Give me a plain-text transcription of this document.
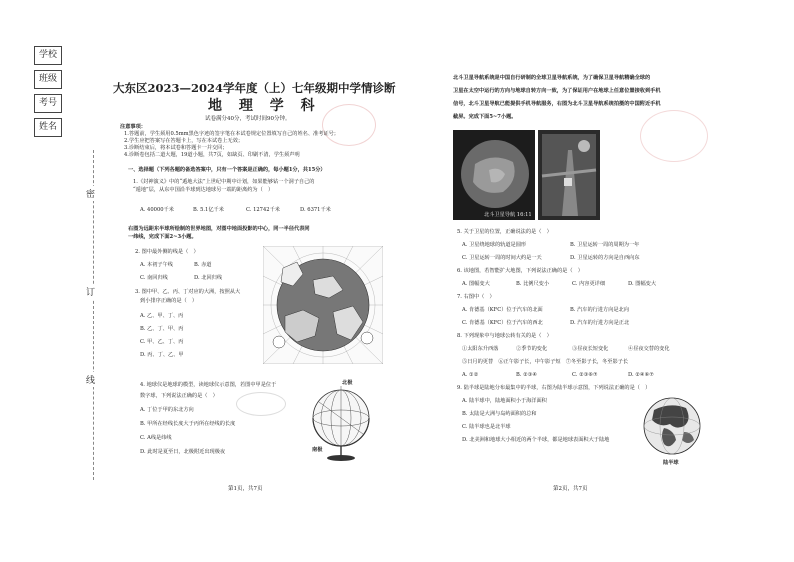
学校
班级
考号
姓名
密
订
线
大东区2023—2024学年度（上）七年级期中学情诊断
地 理 学 科
试卷满分40分，考试时间90分钟。
注意事项：
1.答题前，学生须用0.5mm黑色字迹的签字笔在本试卷规定位置填写自己的姓名、准考证号；
2.学生应把答案写在答题卡上，写在本试卷上无效；
3.诊断结束后，将本试卷和答题卡一并交回；
4.诊断卷包括二道大题，19道小题，共7页，如缺页、印刷不清，学生须声明
一、选择题（下列各题的备选答案中，只有一个答案是正确的，每小题1分，共15分）
1.《封神演义》中的“遁地大法”上世纪中期中计划，如果能够钻一个洞子自己的
“遁地”层，从东中国沿半球到达地球另一端的距离约为（　）
A. 40000千米	B. 5.1亿千米	C. 12742千米	D. 6371千米
右图为远距东半球所绘制的世界地图，对图中地面投影的中心，同一半径代表同
一纬线，完成下面2~3小题。
2. 图中最外侧的线是（　）
A. 本初子午线	B. 赤道
C. 南回归线	D. 北回归线
3. 图中甲、乙、丙、丁对应的大洲，按照从大
到小排序正确的是（　）
A. 乙、甲、丁、丙
B. 乙、丁、甲、丙
C. 甲、乙、丁、丙
D. 丙、丁、乙、甲
4. 地球仪是地球的模型，读地球仪示意图，若图中甲是位于
数字球，下列说法正确的是（　）
A. 丁位于甲的东北方向
B. 甲所在经线长度大于丙所在经线的长度
C. A线是纬线
D. 此时是夏至日，北极附近出现极夜
北极
南极
第1页，共7页
北斗卫星导航系统是中国自行研制的全球卫星导航系统，为了确保卫星导航精确全球的
卫星在太空中运行的方向与地球自转方向一致，为了保证用户在地球上任意位置接收到手机
信号，北斗卫星导航已能提供手机导航服务，右图为北斗卫星导航系统拍摄的中国附近手机
截屏。完成下面5~7小题。
北斗卫星导航 16:11
5. 关于卫星的位置，正确说法的是（　）
A. 卫星绕地球的轨道是圆形	B. 卫星运转一周的周期为一年
C. 卫星运转一周的时间大约是一天	D. 卫星运转的方向是自西向东
6. 该地图，若智能扩大地图，下列说法正确的是（　）
A. 图幅变大	B. 比例尺变小	C. 内容更详细	D. 图幅变大
7. 右图中（　）
A. 肯德基（KFC）位于汽车的北面	B. 汽车的行进方向是北向
C. 肯德基（KFC）位于汽车的西北	D. 汽车的行进方向是正北
8. 下列现象中与地球公转有关的是（　）
①太阳东升西落	②季节的变化	③昼夜长短变化	④昼夜交替的变化
⑤日月的更替　⑥正午影子长，中午影子短　⑦冬至影子长，冬至影子长
A. ①②	B. ②③④	C. ②③⑥⑦	D. ②④⑥⑦
9. 陆半球是陆地分布最集中的半球，右图为陆半球示意图，下列说法正确的是（　）
A. 陆半球中，陆地面积小于海洋面积
B. 太陆是大洲与岛屿面积的总和
C. 陆半球也是北半球
D. 北美洲和地球大小相近的两个半球，都是地球表面积大于陆地
陆半球
第2页，共7页
